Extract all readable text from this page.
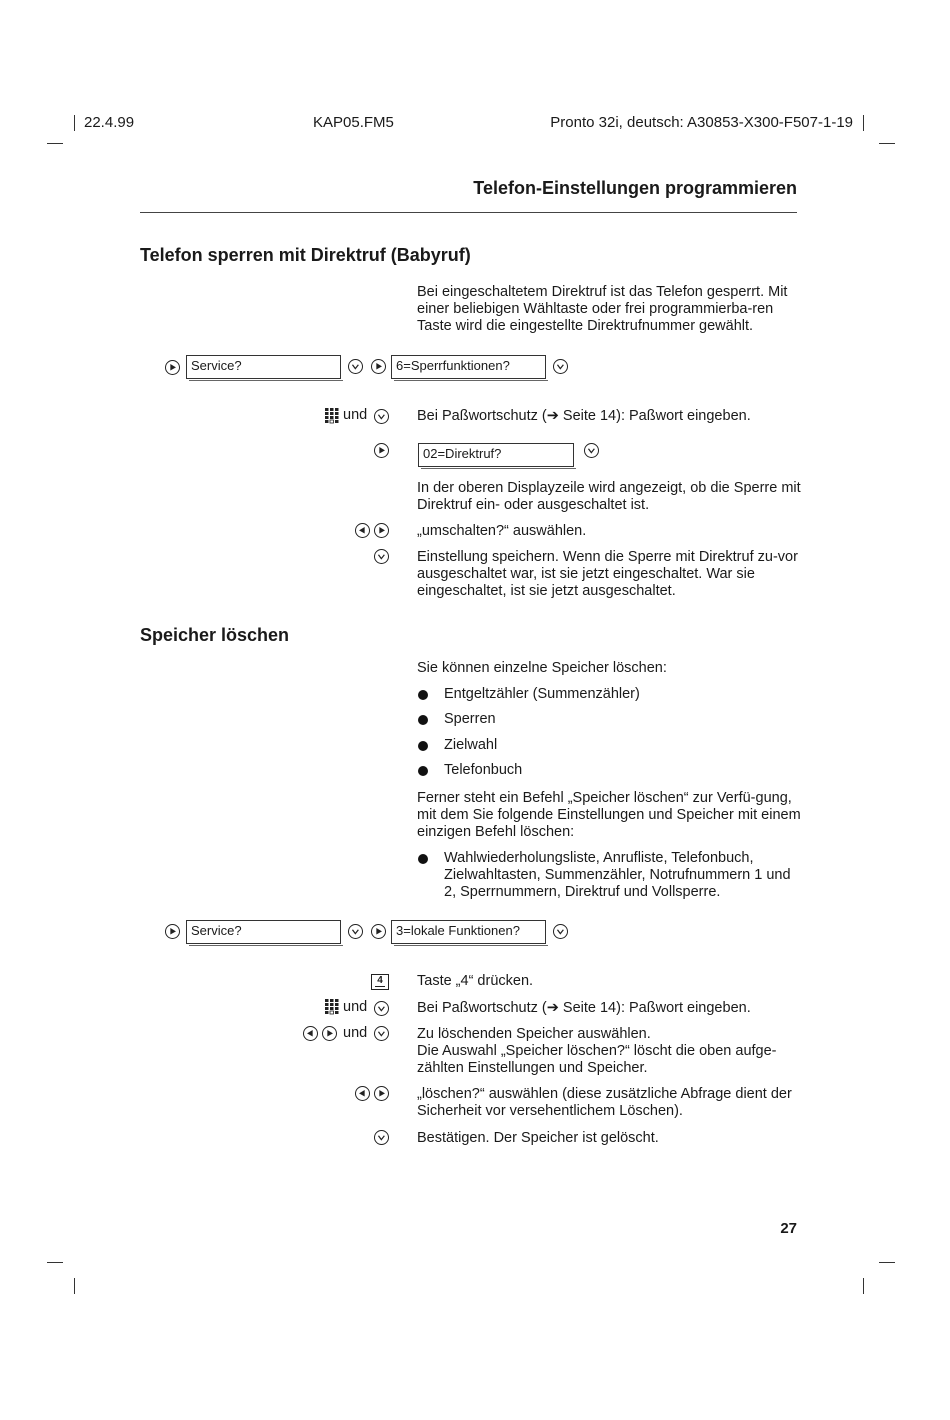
22.4.99	KAP05.FM5	Pronto 32i, deutsch: A30853-X300-F507-1-19
Telefon-Einstellungen programmieren
Telefon sperren mit Direktruf (Babyruf)
Bei eingeschaltetem Direktruf ist das Telefon gesperrt. Mit einer beliebigen Wähltaste oder frei programmierba-ren Taste wird die eingestellte Direktrufnummer gewählt.
Service?	6=Sperrfunktionen?
und	Bei Paßwortschutz (➔ Seite 14): Paßwort eingeben.
02=Direktruf?
In der oberen Displayzeile wird angezeigt, ob die Sperre mit Direktruf ein- oder ausgeschaltet ist.
„umschalten?“ auswählen.
Einstellung speichern. Wenn die Sperre mit Direktruf zu-vor ausgeschaltet war, ist sie jetzt eingeschaltet. War sie eingeschaltet, ist sie jetzt ausgeschaltet.
Speicher löschen
Sie können einzelne Speicher löschen:
Entgeltzähler (Summenzähler)
Sperren
Zielwahl
Telefonbuch
Ferner steht ein Befehl „Speicher löschen“ zur Verfü-gung, mit dem Sie folgende Einstellungen und Speicher mit einem einzigen Befehl löschen:
Wahlwiederholungsliste, Anrufliste, Telefonbuch, Zielwahltasten, Summenzähler, Notrufnummern 1 und 2, Sperrnummern, Direktruf und Vollsperre.
Service?	3=lokale Funktionen?
4	Taste „4“ drücken.
und	Bei Paßwortschutz (➔ Seite 14): Paßwort eingeben.
und	Zu löschenden Speicher auswählen.
Die Auswahl „Speicher löschen?“ löscht die oben aufge-zählten Einstellungen und Speicher.
„löschen?“ auswählen (diese zusätzliche Abfrage dient der Sicherheit vor versehentlichem Löschen).
Bestätigen. Der Speicher ist gelöscht.
27
